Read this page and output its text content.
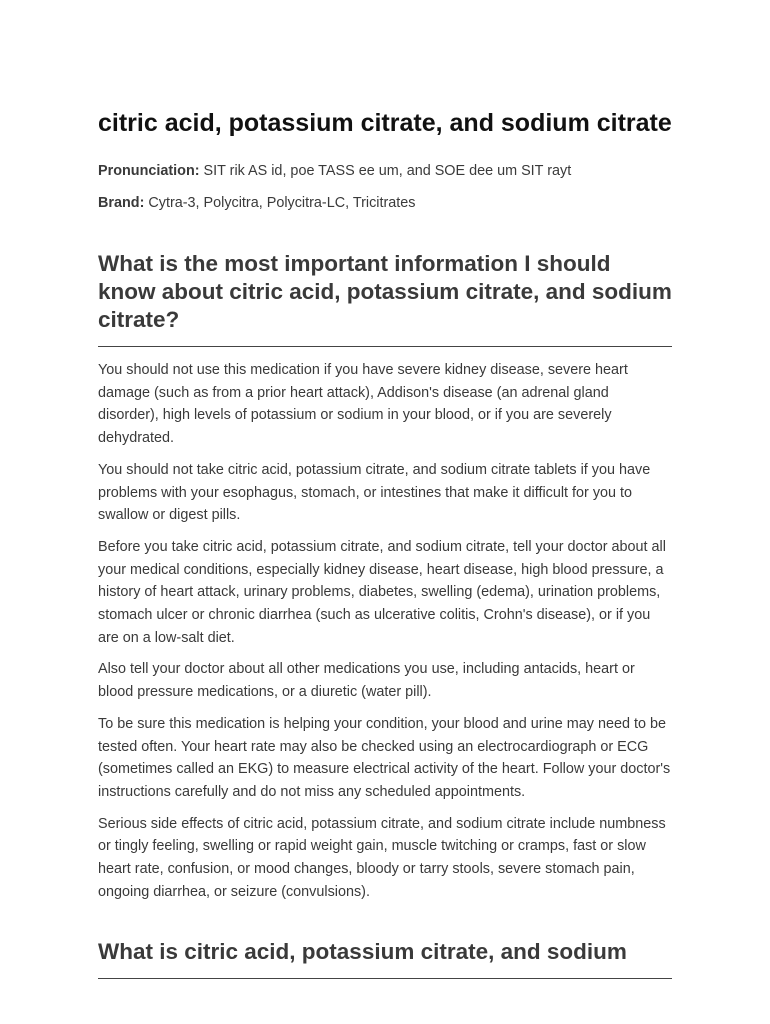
citric acid, potassium citrate, and sodium citrate

Pronunciation: SIT rik AS id, poe TASS ee um, and SOE dee um SIT rayt

Brand: Cytra-3, Polycitra, Polycitra-LC, Tricitrates

What is the most important information I should know about citric acid, potassium citrate, and sodium citrate?

You should not use this medication if you have severe kidney disease, severe heart damage (such as from a prior heart attack), Addison's disease (an adrenal gland disorder), high levels of potassium or sodium in your blood, or if you are severely dehydrated.

You should not take citric acid, potassium citrate, and sodium citrate tablets if you have problems with your esophagus, stomach, or intestines that make it difficult for you to swallow or digest pills.

Before you take citric acid, potassium citrate, and sodium citrate, tell your doctor about all your medical conditions, especially kidney disease, heart disease, high blood pressure, a history of heart attack, urinary problems, diabetes, swelling (edema), urination problems, stomach ulcer or chronic diarrhea (such as ulcerative colitis, Crohn's disease), or if you are on a low-salt diet.

Also tell your doctor about all other medications you use, including antacids, heart or blood pressure medications, or a diuretic (water pill).

To be sure this medication is helping your condition, your blood and urine may need to be tested often. Your heart rate may also be checked using an electrocardiograph or ECG (sometimes called an EKG) to measure electrical activity of the heart. Follow your doctor's instructions carefully and do not miss any scheduled appointments.

Serious side effects of citric acid, potassium citrate, and sodium citrate include numbness or tingly feeling, swelling or rapid weight gain, muscle twitching or cramps, fast or slow heart rate, confusion, or mood changes, bloody or tarry stools, severe stomach pain, ongoing diarrhea, or seizure (convulsions).

What is citric acid, potassium citrate, and sodium
